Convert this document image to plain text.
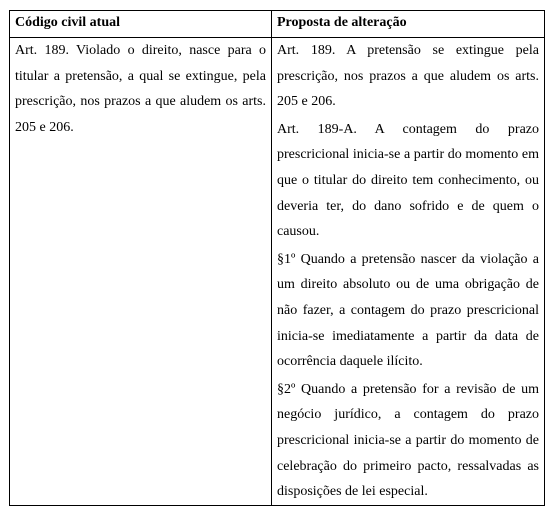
Código civil atual	Proposta de alteração

Art. 189. Violado o direito, nasce para o titular a pretensão, a qual se extingue, pela prescrição, nos prazos a que aludem os arts. 205 e 206.	Art. 189. A pretensão se extingue pela prescrição, nos prazos a que aludem os arts. 205 e 206.

Art. 189-A. A contagem do prazo prescricional inicia-se a partir do momento em que o titular do direito tem conhecimento, ou deveria ter, do dano sofrido e de quem o causou.

§1º Quando a pretensão nascer da violação a um direito absoluto ou de uma obrigação de não fazer, a contagem do prazo prescricional inicia-se imediatamente a partir da data de ocorrência daquele ilícito.

§2º Quando a pretensão for a revisão de um negócio jurídico, a contagem do prazo prescricional inicia-se a partir do momento de celebração do primeiro pacto, ressalvadas as disposições de lei especial.
